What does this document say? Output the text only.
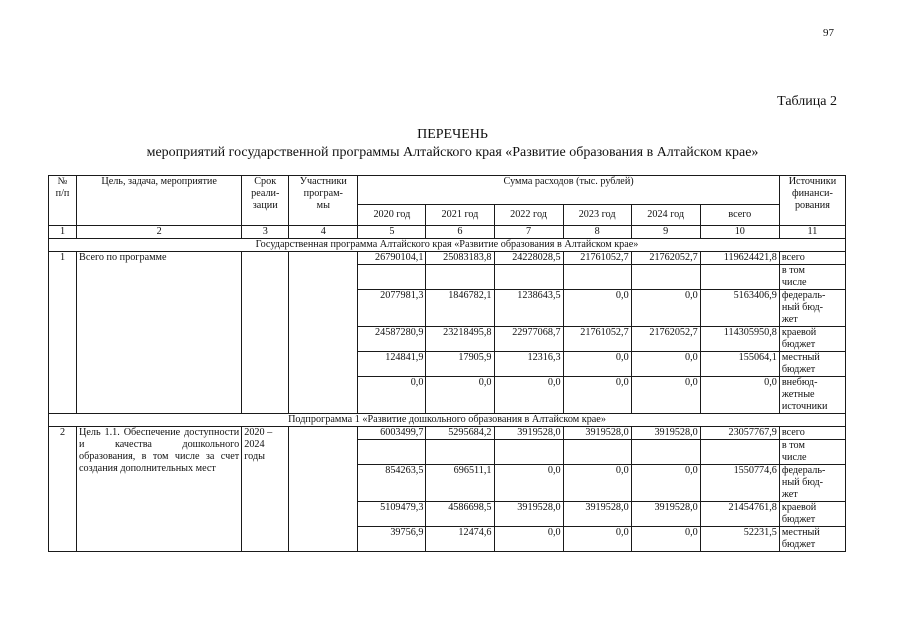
97
Таблица 2
ПЕРЕЧЕНЬ
мероприятий государственной программы Алтайского края «Развитие образования в Алтайском крае»
№
п/п	Цель, задача, мероприятие	Срок
реали-
зации	Участники
програм-
мы	Сумма расходов (тыс. рублей)						Источники
финанси-
рования
				2020 год	2021 год	2022 год	2023 год	2024 год	всего	
1	2	3	4	5	6	7	8	9	10	11
Государственная программа Алтайского края «Развитие образования в Алтайском крае»										
1	Всего по программе			26790104,1	25083183,8	24228028,5	21761052,7	21762052,7	119624421,8	всего
										в том
числе
				2077981,3	1846782,1	1238643,5	0,0	0,0	5163406,9	федераль-
ный бюд-
жет
				24587280,9	23218495,8	22977068,7	21761052,7	21762052,7	114305950,8	краевой
бюджет
				124841,9	17905,9	12316,3	0,0	0,0	155064,1	местный
бюджет
				0,0	0,0	0,0	0,0	0,0	0,0	внебюд-
жетные
источники
Подпрограмма 1 «Развитие дошкольного образования в Алтайском крае»										
2	Цель 1.1. Обеспечение доступности и качества дошкольного образования, в том числе за счет создания дополнительных мест	2020 –
2024
годы		6003499,7	5295684,2	3919528,0	3919528,0	3919528,0	23057767,9	всего
										в том
числе
				854263,5	696511,1	0,0	0,0	0,0	1550774,6	федераль-
ный бюд-
жет
				5109479,3	4586698,5	3919528,0	3919528,0	3919528,0	21454761,8	краевой
бюджет
				39756,9	12474,6	0,0	0,0	0,0	52231,5	местный
бюджет
